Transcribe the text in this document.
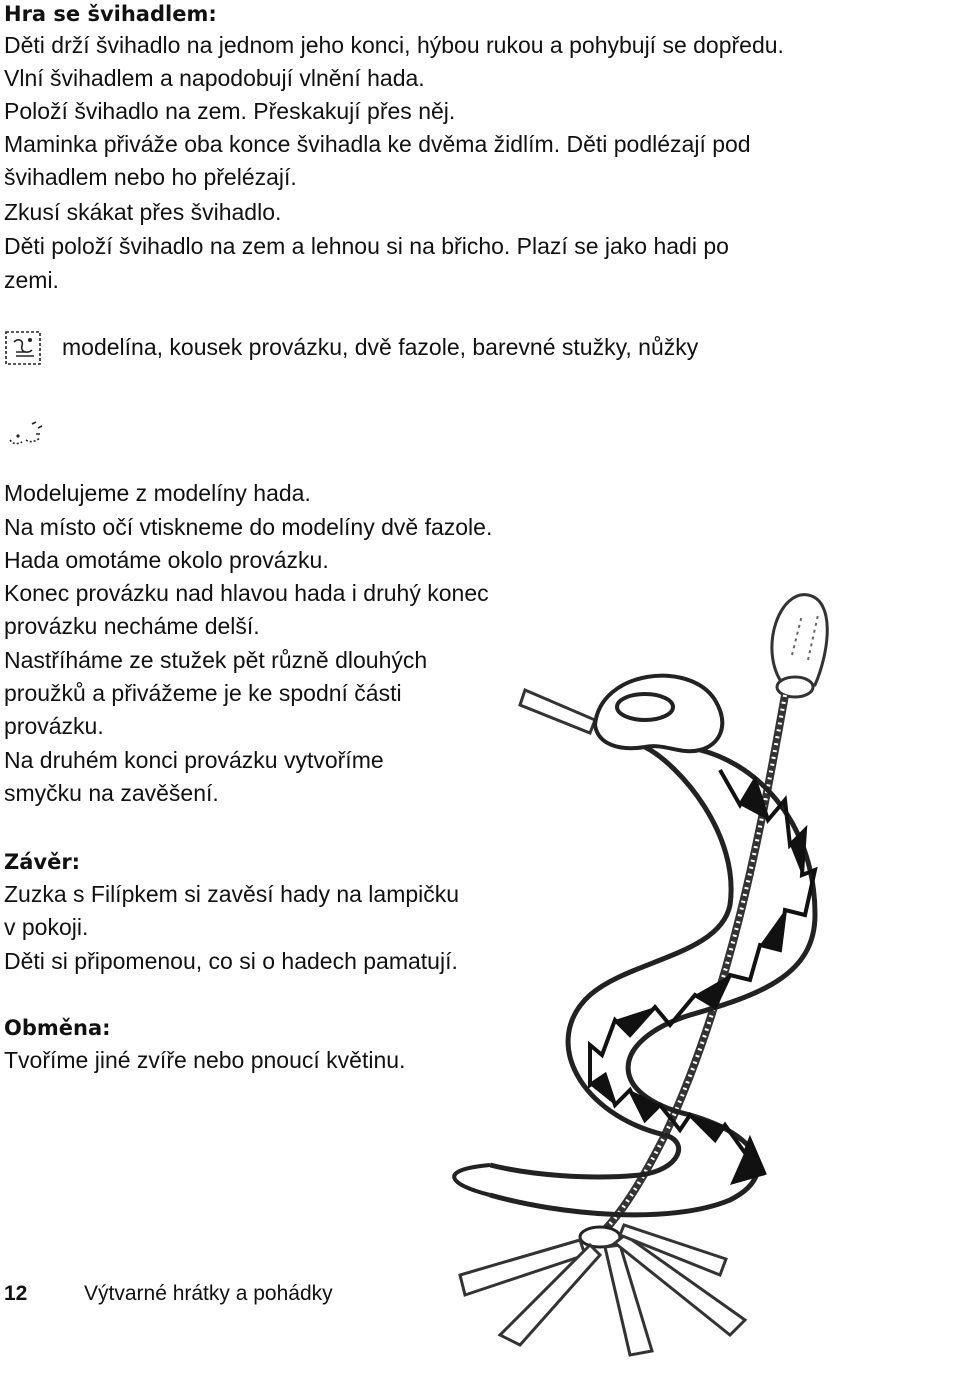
Hra se švihadlem:
Děti drží švihadlo na jednom jeho konci, hýbou rukou a pohybují se dopředu.
Vlní švihadlem a napodobují vlnění hada.
Položí švihadlo na zem. Přeskakují přes něj.
Maminka přiváže oba konce švihadla ke dvěma židlím. Děti podlézají pod
švihadlem nebo ho přelézají.
Zkusí skákat přes švihadlo.
Děti položí švihadlo na zem a lehnou si na břicho. Plazí se jako hadi po
zemi.
modelína, kousek provázku, dvě fazole, barevné stužky, nůžky
Modelujeme z modelíny hada.
Na místo očí vtiskneme do modelíny dvě fazole.
Hada omotáme okolo provázku.
Konec provázku nad hlavou hada i druhý konec
provázku necháme delší.
Nastříháme ze stužek pět různě dlouhých
proužků a přivážeme je ke spodní části
provázku.
Na druhém konci provázku vytvoříme
smyčku na zavěšení.
Závěr:
Zuzka s Filípkem si zavěsí hady na lampičku
v pokoji.
Děti si připomenou, co si o hadech pamatují.
Obměna:
Tvoříme jiné zvíře nebo pnoucí květinu.
12	Výtvarné hrátky a pohádky
